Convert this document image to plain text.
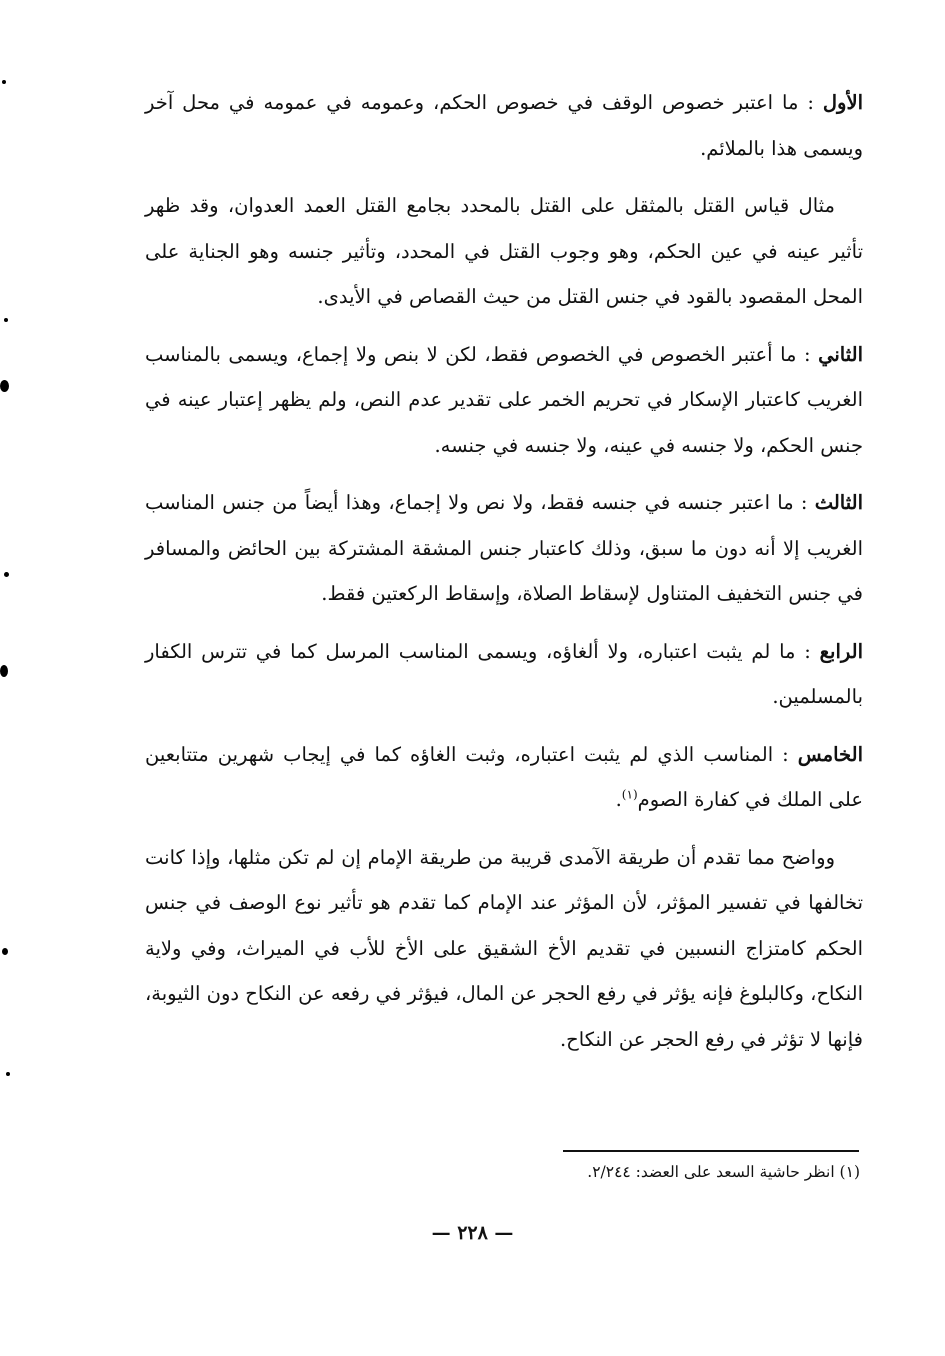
الأول : ما اعتبر خصوص الوقف في خصوص الحكم، وعمومه في عمومه في محل آخر ويسمى هذا بالملائم.

مثال قياس القتل بالمثقل على القتل بالمحدد بجامع القتل العمد العدوان، وقد ظهر تأثير عينه في عين الحكم، وهو وجوب القتل في المحدد، وتأثير جنسه وهو الجناية على المحل المقصود بالقود في جنس القتل من حيث القصاص في الأيدى.

الثاني : ما أعتبر الخصوص في الخصوص فقط، لكن لا بنص ولا إجماع، ويسمى بالمناسب الغريب كاعتبار الإسكار في تحريم الخمر على تقدير عدم النص، ولم يظهر إعتبار عينه في جنس الحكم، ولا جنسه في عينه، ولا جنسه في جنسه.

الثالث : ما اعتبر جنسه في جنسه فقط، ولا نص ولا إجماع، وهذا أيضاً من جنس المناسب الغريب إلا أنه دون ما سبق، وذلك كاعتبار جنس المشقة المشتركة بين الحائض والمسافر في جنس التخفيف المتناول لإسقاط الصلاة، وإسقاط الركعتين فقط.

الرابع : ما لم يثبت اعتباره، ولا ألغاؤه، ويسمى المناسب المرسل كما في تترس الكفار بالمسلمين.

الخامس : المناسب الذي لم يثبت اعتباره، وثبت الغاؤه كما في إيجاب شهرين متتابعين على الملك في كفارة الصوم$^{(١)}$.

وواضح مما تقدم أن طريقة الآمدى قريبة من طريقة الإمام إن لم تكن مثلها، وإذا كانت تخالفها في تفسير المؤثر، لأن المؤثر عند الإمام كما تقدم هو تأثير نوع الوصف في جنس الحكم كامتزاج النسبين في تقديم الأخ الشقيق على الأخ للأب في الميراث، وفي ولاية النكاح، وكالبلوغ فإنه يؤثر في رفع الحجر عن المال، فيؤثر في رفعه عن النكاح دون الثيوبة، فإنها لا تؤثر في رفع الحجر عن النكاح.

(١) انظر حاشية السعد على العضد: ٢/٢٤٤.
— ٢٢٨ —
